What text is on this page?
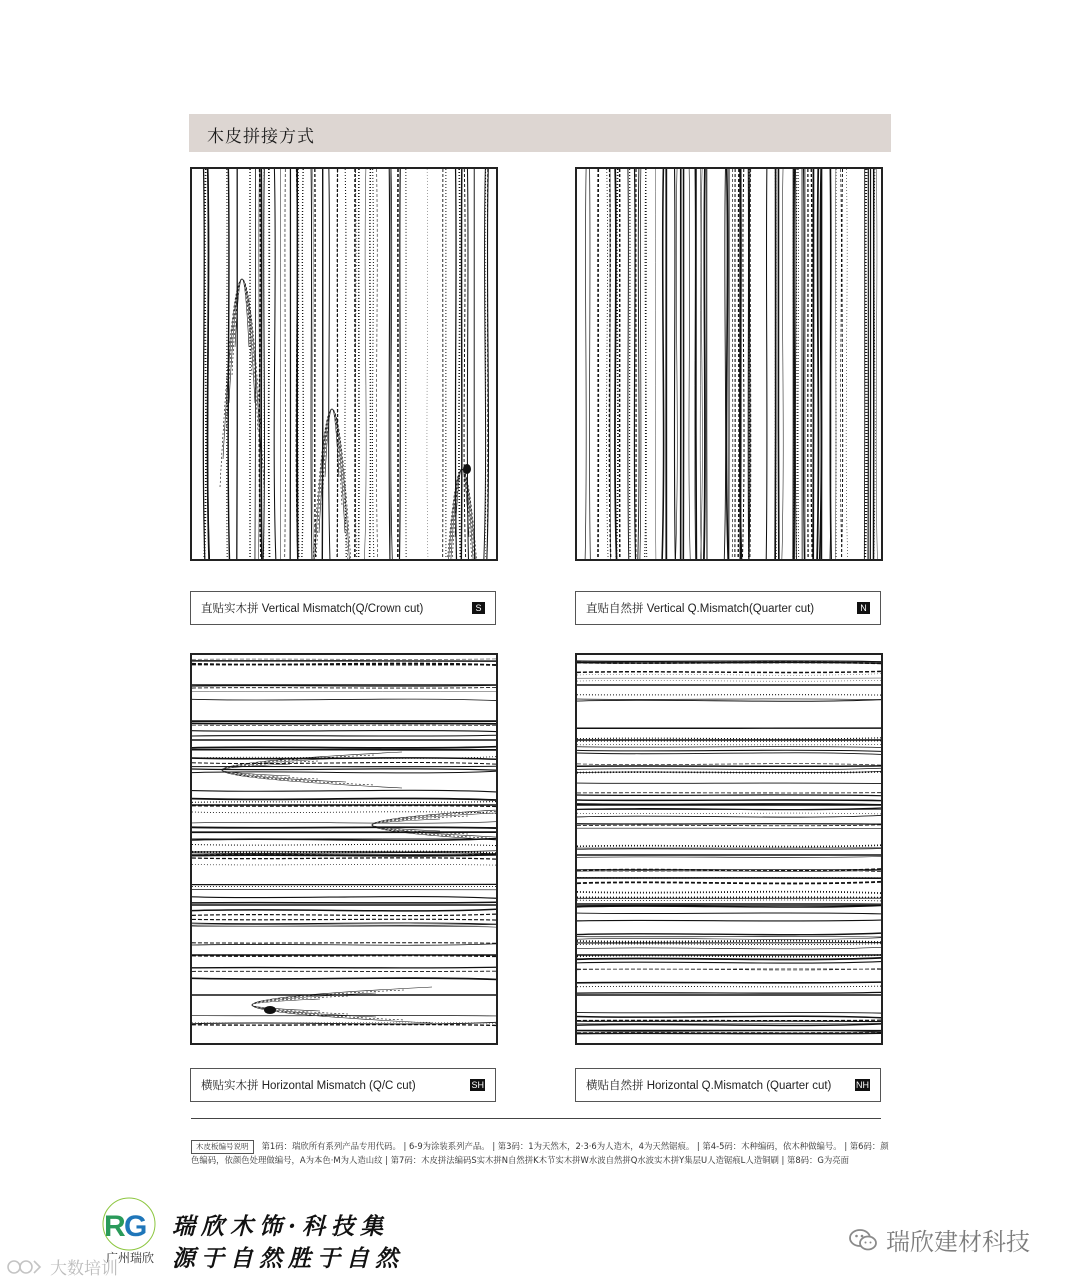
木皮拼接方式
直贴实木拼 Vertical Mismatch(Q/Crown cut)	S	直贴自然拼 Vertical Q.Mismatch(Quarter cut)	N
横贴实木拼 Horizontal Mismatch (Q/C cut)	SH	横贴自然拼 Horizontal Q.Mismatch (Quarter cut)	NH
木皮板编号说明 第1码：瑞欣所有系列产品专用代码。 | 6-9为涂装系列产品。 | 第3码：1为天然木，2·3·6为人造木，4为天然锯痕。 | 第4-5码：木种编码，依木种做编号。 | 第6码：颜色编码，依颜色处理做编号，A为本色·M为人造山纹 | 第7码：木皮拼法编码S实木拼N自然拼K木节实木拼W水波自然拼Q水波实木拼Y集层U人造锯痕L人造铜刷 | 第8码：G为亮面
R
G
广州瑞欣
瑞欣木饰·科技集
源于自然胜于自然
瑞欣建材科技
大数培训
